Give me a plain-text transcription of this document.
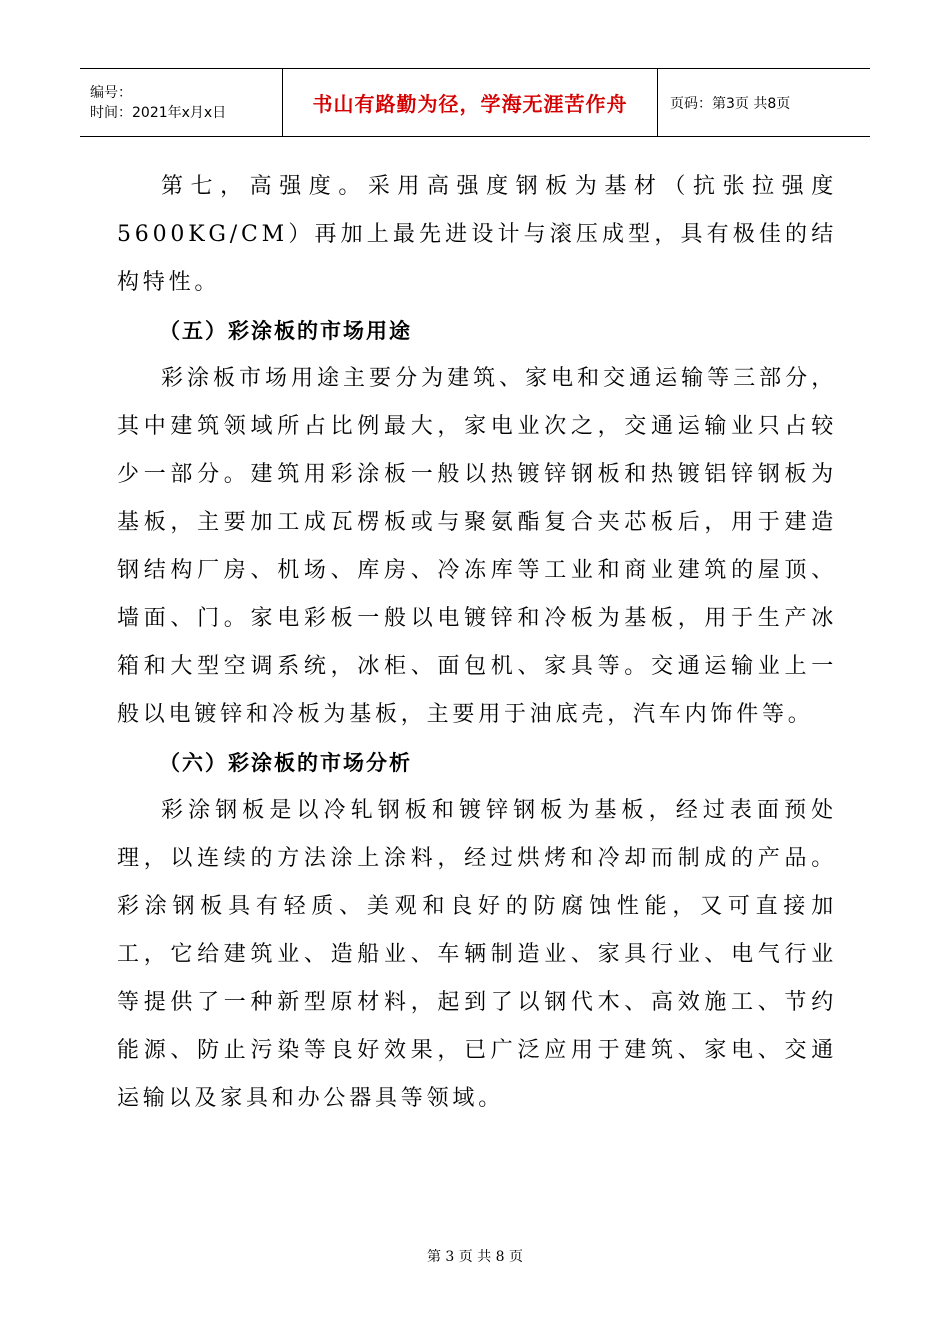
编号：
时间：2021年x月x日	书山有路勤为径，学海无涯苦作舟	页码：第3页 共8页

第七，高强度。采用高强度钢板为基材（抗张拉强度5600KG/CM）再加上最先进设计与滚压成型，具有极佳的结构特性。

（五）彩涂板的市场用途

彩涂板市场用途主要分为建筑、家电和交通运输等三部分，其中建筑领域所占比例最大，家电业次之，交通运输业只占较少一部分。建筑用彩涂板一般以热镀锌钢板和热镀铝锌钢板为基板，主要加工成瓦楞板或与聚氨酯复合夹芯板后，用于建造钢结构厂房、机场、库房、冷冻库等工业和商业建筑的屋顶、墙面、门。家电彩板一般以电镀锌和冷板为基板，用于生产冰箱和大型空调系统，冰柜、面包机、家具等。交通运输业上一般以电镀锌和冷板为基板，主要用于油底壳，汽车内饰件等。

（六）彩涂板的市场分析

彩涂钢板是以冷轧钢板和镀锌钢板为基板，经过表面预处理，以连续的方法涂上涂料，经过烘烤和冷却而制成的产品。彩涂钢板具有轻质、美观和良好的防腐蚀性能，又可直接加工，它给建筑业、造船业、车辆制造业、家具行业、电气行业等提供了一种新型原材料，起到了以钢代木、高效施工、节约能源、防止污染等良好效果，已广泛应用于建筑、家电、交通运输以及家具和办公器具等领域。

第 3 页 共 8 页
